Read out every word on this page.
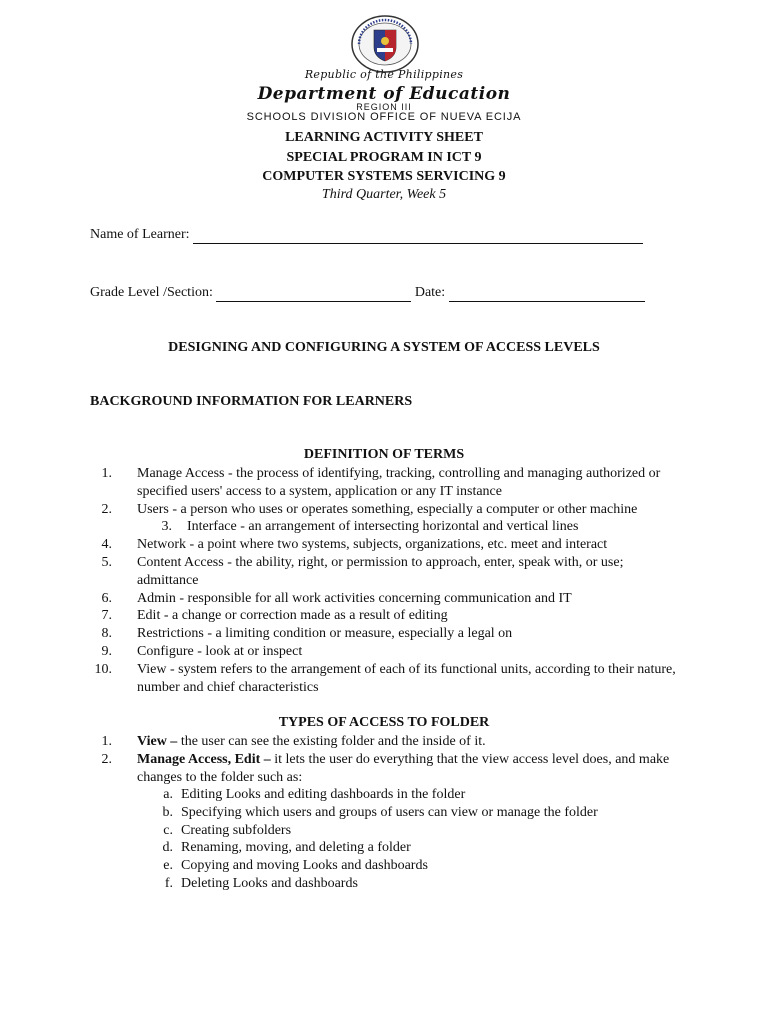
Republic of the Philippines
Department of Education
REGION III
SCHOOLS DIVISION OFFICE OF NUEVA ECIJA
LEARNING ACTIVITY SHEET
SPECIAL PROGRAM IN ICT 9
COMPUTER SYSTEMS SERVICING 9
Third Quarter, Week 5
Name of Learner:
Grade Level /Section:	Date:
DESIGNING AND CONFIGURING A SYSTEM OF ACCESS LEVELS
BACKGROUND INFORMATION FOR LEARNERS
DEFINITION OF TERMS
1.	Manage Access - the process of identifying, tracking, controlling and managing authorized or specified users' access to a system, application or any IT instance
2.	Users - a person who uses or operates something, especially a computer or other machine
3.	Interface - an arrangement of intersecting horizontal and vertical lines
4.	Network - a point where two systems, subjects, organizations, etc. meet and interact
5.	Content Access - the ability, right, or permission to approach, enter, speak with, or use; admittance
6.	Admin - responsible for all work activities concerning communication and IT
7.	Edit - a change or correction made as a result of editing
8.	Restrictions - a limiting condition or measure, especially a legal on
9.	Configure - look at or inspect
10.	View - system refers to the arrangement of each of its functional units, according to their nature, number and chief characteristics
TYPES OF ACCESS TO FOLDER
1.	View – the user can see the existing folder and the inside of it.
2.	Manage Access, Edit – it lets the user do everything that the view access level does, and make changes to the folder such as:
a. Editing Looks and editing dashboards in the folder
b. Specifying which users and groups of users can view or manage the folder
c. Creating subfolders
d. Renaming, moving, and deleting a folder
e. Copying and moving Looks and dashboards
f. Deleting Looks and dashboards
